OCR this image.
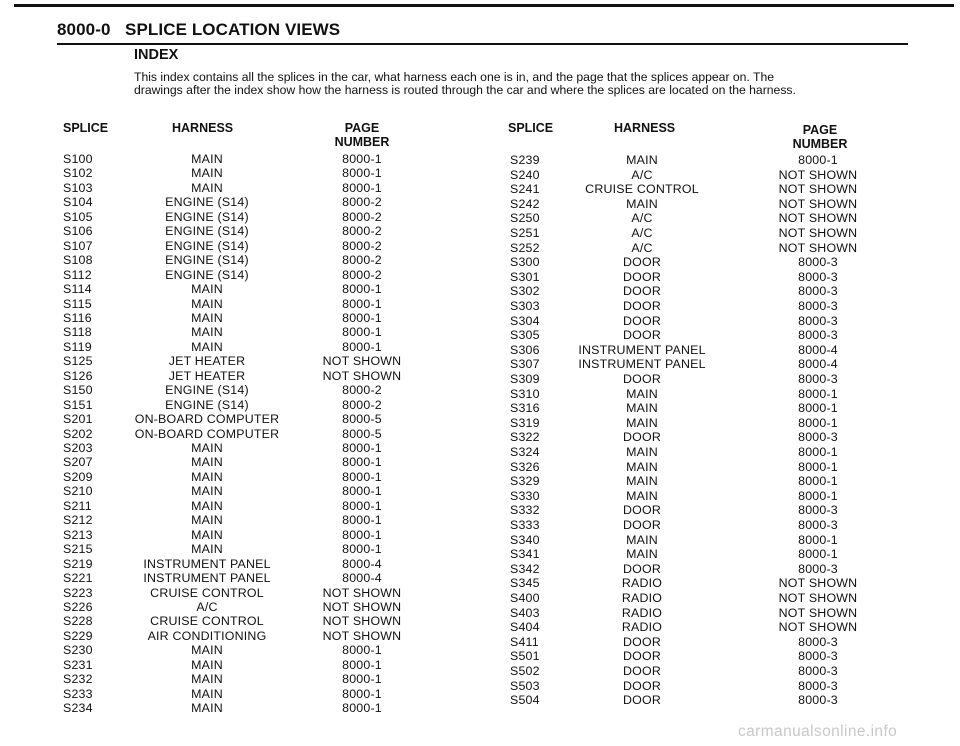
8000-0   SPLICE LOCATION VIEWS
INDEX
This index contains all the splices in the car, what harness each one is in, and the page that the splices appear on. The drawings after the index show how the harness is routed through the car and where the splices are located on the harness.
SPLICE	HARNESS	PAGE NUMBER
SPLICE	HARNESS	PAGE NUMBER
S100	MAIN	8000-1
S102	MAIN	8000-1
S103	MAIN	8000-1
S104	ENGINE (S14)	8000-2
S105	ENGINE (S14)	8000-2
S106	ENGINE (S14)	8000-2
S107	ENGINE (S14)	8000-2
S108	ENGINE (S14)	8000-2
S112	ENGINE (S14)	8000-2
S114	MAIN	8000-1
S115	MAIN	8000-1
S116	MAIN	8000-1
S118	MAIN	8000-1
S119	MAIN	8000-1
S125	JET HEATER	NOT SHOWN
S126	JET HEATER	NOT SHOWN
S150	ENGINE (S14)	8000-2
S151	ENGINE (S14)	8000-2
S201	ON-BOARD COMPUTER	8000-5
S202	ON-BOARD COMPUTER	8000-5
S203	MAIN	8000-1
S207	MAIN	8000-1
S209	MAIN	8000-1
S210	MAIN	8000-1
S211	MAIN	8000-1
S212	MAIN	8000-1
S213	MAIN	8000-1
S215	MAIN	8000-1
S219	INSTRUMENT PANEL	8000-4
S221	INSTRUMENT PANEL	8000-4
S223	CRUISE CONTROL	NOT SHOWN
S226	A/C	NOT SHOWN
S228	CRUISE CONTROL	NOT SHOWN
S229	AIR CONDITIONING	NOT SHOWN
S230	MAIN	8000-1
S231	MAIN	8000-1
S232	MAIN	8000-1
S233	MAIN	8000-1
S234	MAIN	8000-1
S239	MAIN	8000-1
S240	A/C	NOT SHOWN
S241	CRUISE CONTROL	NOT SHOWN
S242	MAIN	NOT SHOWN
S250	A/C	NOT SHOWN
S251	A/C	NOT SHOWN
S252	A/C	NOT SHOWN
S300	DOOR	8000-3
S301	DOOR	8000-3
S302	DOOR	8000-3
S303	DOOR	8000-3
S304	DOOR	8000-3
S305	DOOR	8000-3
S306	INSTRUMENT PANEL	8000-4
S307	INSTRUMENT PANEL	8000-4
S309	DOOR	8000-3
S310	MAIN	8000-1
S316	MAIN	8000-1
S319	MAIN	8000-1
S322	DOOR	8000-3
S324	MAIN	8000-1
S326	MAIN	8000-1
S329	MAIN	8000-1
S330	MAIN	8000-1
S332	DOOR	8000-3
S333	DOOR	8000-3
S340	MAIN	8000-1
S341	MAIN	8000-1
S342	DOOR	8000-3
S345	RADIO	NOT SHOWN
S400	RADIO	NOT SHOWN
S403	RADIO	NOT SHOWN
S404	RADIO	NOT SHOWN
S411	DOOR	8000-3
S501	DOOR	8000-3
S502	DOOR	8000-3
S503	DOOR	8000-3
S504	DOOR	8000-3
carmanualsonline.info
